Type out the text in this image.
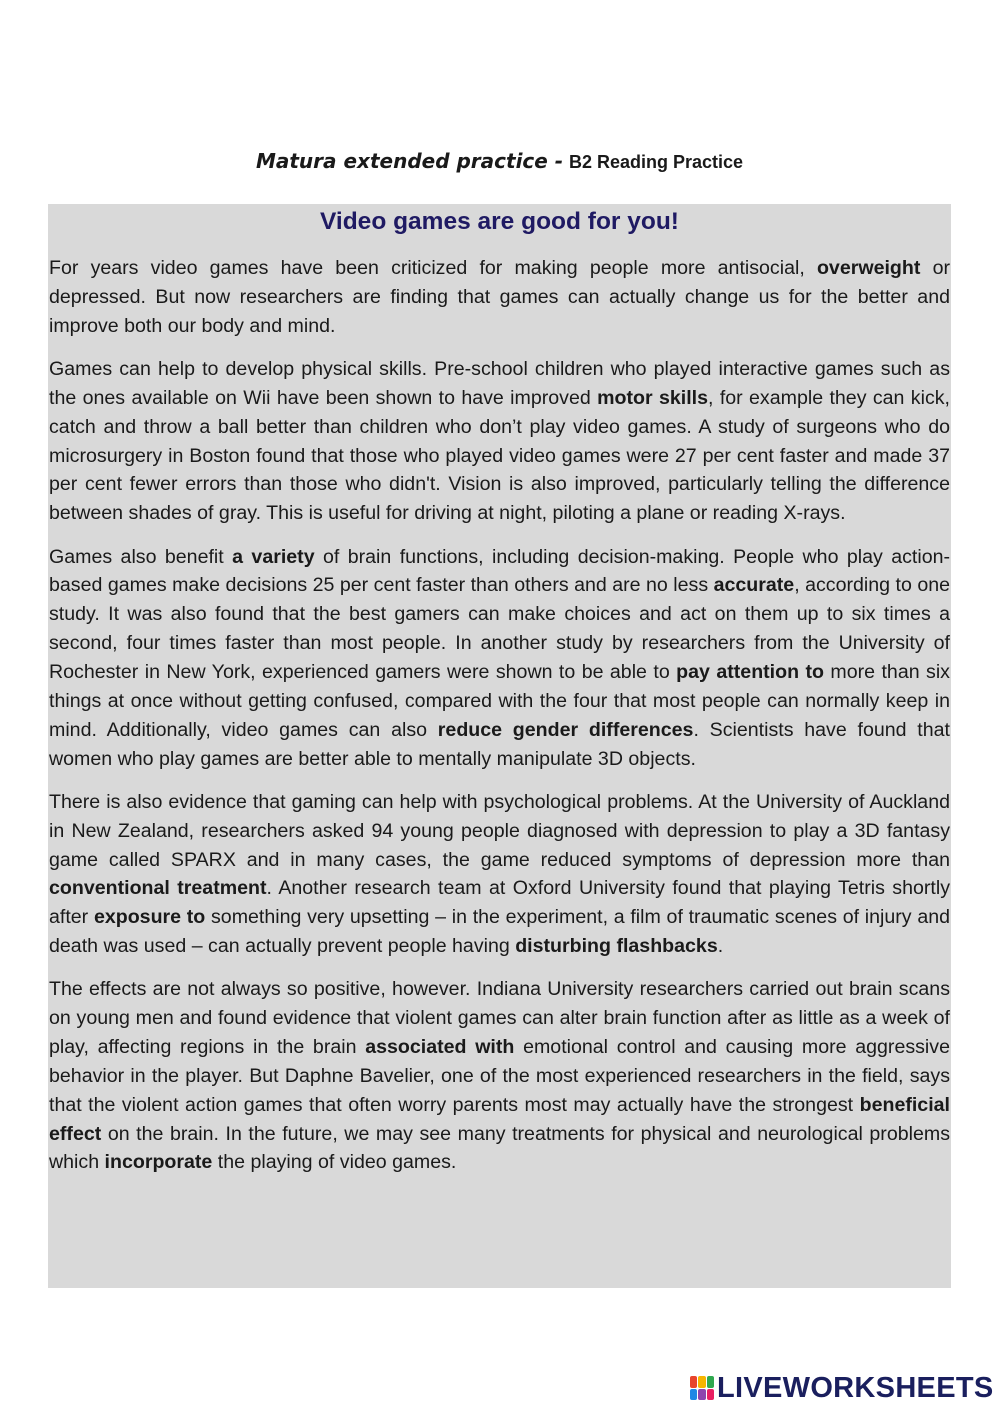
Matura extended practice - B2 Reading Practice
Video games are good for you!

For years video games have been criticized for making people more antisocial, overweight or depressed. But now researchers are finding that games can actually change us for the better and improve both our body and mind.

Games can help to develop physical skills. Pre-school children who played interactive games such as the ones available on Wii have been shown to have improved motor skills, for example they can kick, catch and throw a ball better than children who don’t play video games. A study of surgeons who do microsurgery in Boston found that those who played video games were 27 per cent faster and made 37 per cent fewer errors than those who didn't. Vision is also improved, particularly telling the difference between shades of gray. This is useful for driving at night, piloting a plane or reading X-rays.

Games also benefit a variety of brain functions, including decision-making. People who play action-based games make decisions 25 per cent faster than others and are no less accurate, according to one study. It was also found that the best gamers can make choices and act on them up to six times a second, four times faster than most people. In another study by researchers from the University of Rochester in New York, experienced gamers were shown to be able to pay attention to more than six things at once without getting confused, compared with the four that most people can normally keep in mind. Additionally, video games can also reduce gender differences. Scientists have found that women who play games are better able to mentally manipulate 3D objects.

There is also evidence that gaming can help with psychological problems. At the University of Auckland in New Zealand, researchers asked 94 young people diagnosed with depression to play a 3D fantasy game called SPARX and in many cases, the game reduced symptoms of depression more than conventional treatment. Another research team at Oxford University found that playing Tetris shortly after exposure to something very upsetting – in the experiment, a film of traumatic scenes of injury and death was used – can actually prevent people having disturbing flashbacks.

The effects are not always so positive, however. Indiana University researchers carried out brain scans on young men and found evidence that violent games can alter brain function after as little as a week of play, affecting regions in the brain associated with emotional control and causing more aggressive behavior in the player. But Daphne Bavelier, one of the most experienced researchers in the field, says that the violent action games that often worry parents most may actually have the strongest beneficial effect on the brain. In the future, we may see many treatments for physical and neurological problems which incorporate the playing of video games.

LIVEWORKSHEETS
